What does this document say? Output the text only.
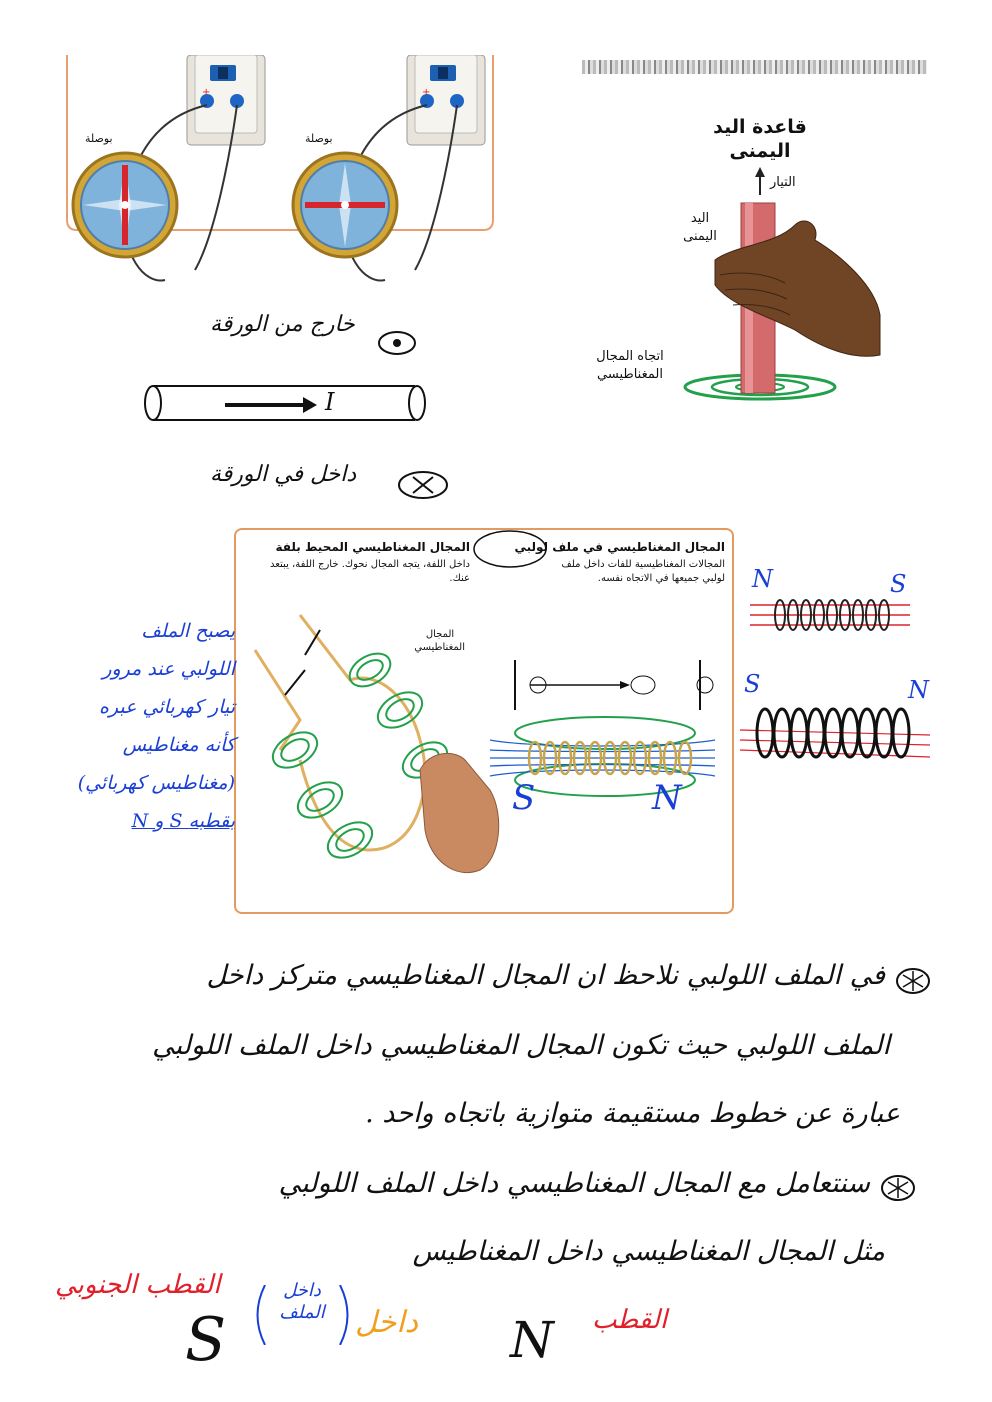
+	+
بوصلة	بوصلة
قاعدة اليد
اليمنى
التيار
اليد
اليمنى
اتجاه المجال
المغناطيسي
خارج من الورقة
I
داخل في الورقة
المجال المغناطيسي المحيط بلفة
داخل اللفة، يتجه المجال نحوك. خارج اللفة، يبتعد عنك.
المجال المغناطيسي في ملف لولبي
المجالات المغناطيسية للفات داخل ملف لولبي جميعها في الاتجاه نفسه.
المجال
المغناطيسي
S	N
يصبح الملف
اللولبي عند مرور
تيار كهربائي عبره
كأنه مغناطيس
(مغناطيس كهربائي)
بقطبه S و N
N	S
S	N
في الملف اللولبي نلاحظ ان المجال المغناطيسي متركز داخل
الملف اللولبي حيث تكون المجال المغناطيسي داخل الملف اللولبي
عبارة عن خطوط مستقيمة متوازية باتجاه واحد .
سنتعامل مع المجال المغناطيسي داخل الملف اللولبي
مثل المجال المغناطيسي داخل المغناطيس
القطب الجنوبي
S
داخل
الملف	داخل N القطب
